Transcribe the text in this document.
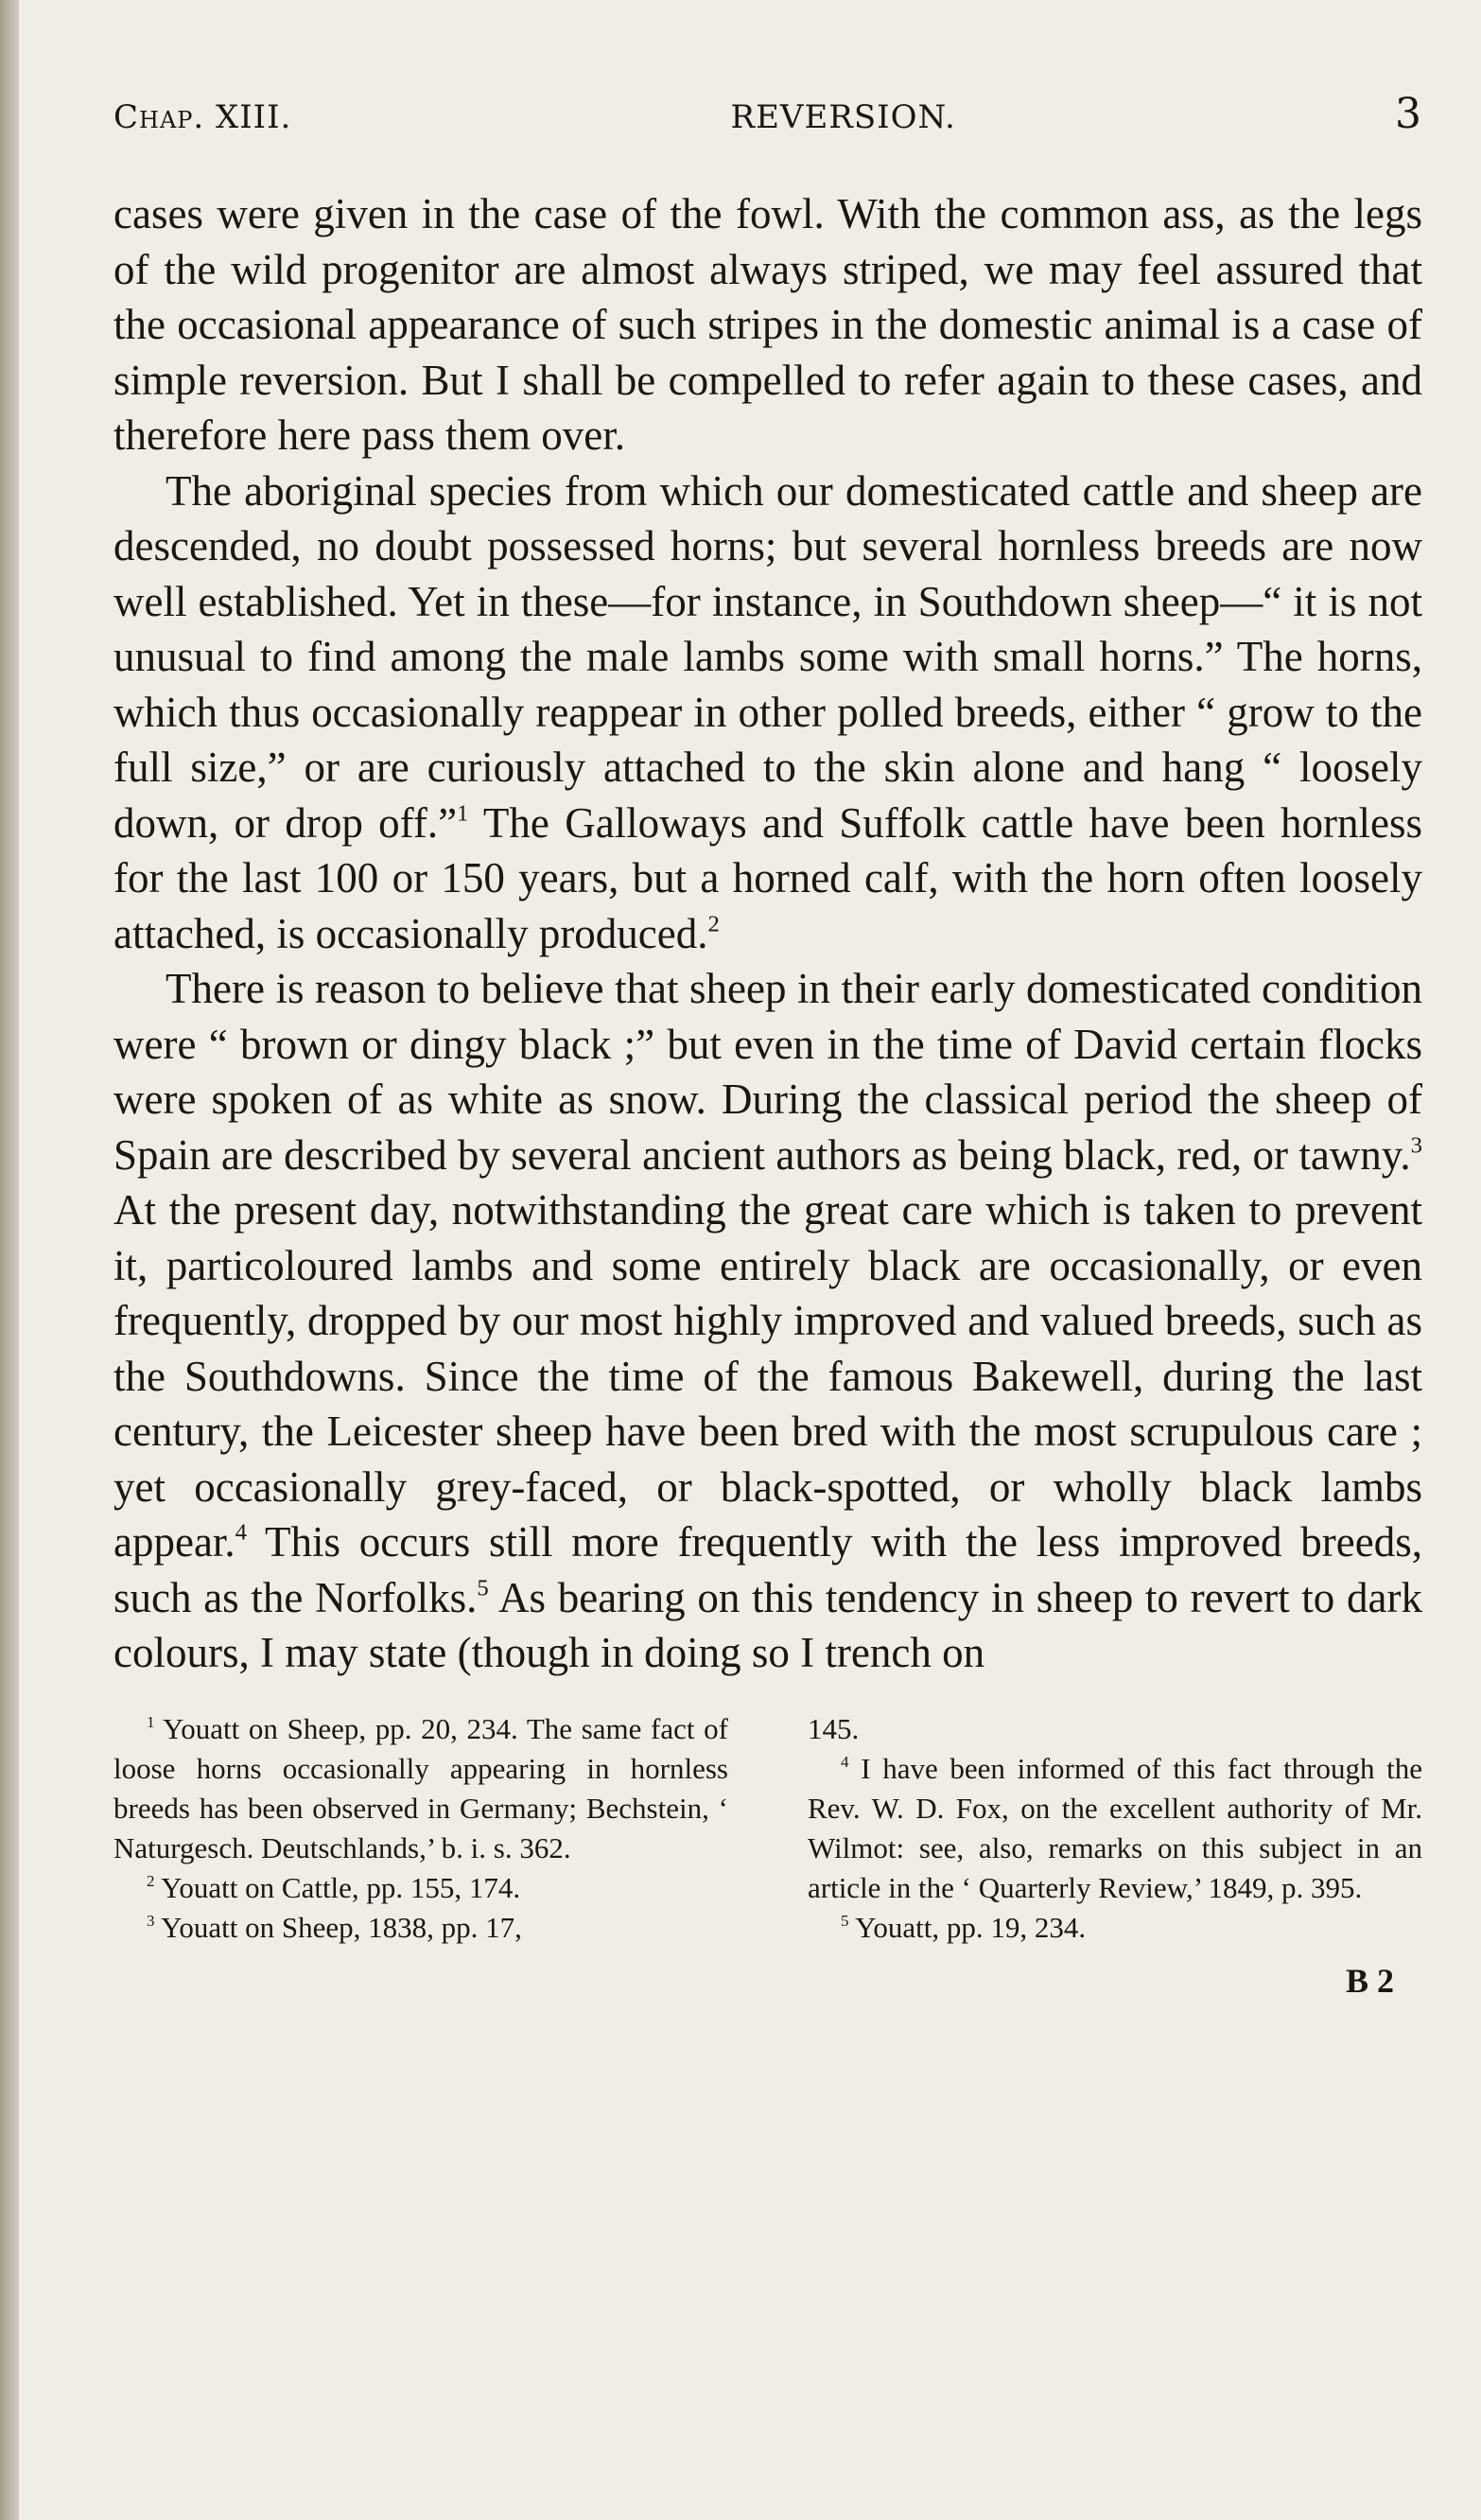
Chap. XIII.	REVERSION.	3

cases were given in the case of the fowl. With the common ass, as the legs of the wild progenitor are almost always striped, we may feel assured that the occasional appearance of such stripes in the domestic animal is a case of simple reversion. But I shall be compelled to refer again to these cases, and therefore here pass them over.

The aboriginal species from which our domesticated cattle and sheep are descended, no doubt possessed horns; but several hornless breeds are now well established. Yet in these—for instance, in Southdown sheep—“ it is not unusual to find among the male lambs some with small horns.” The horns, which thus occasionally reappear in other polled breeds, either “ grow to the full size,” or are curiously attached to the skin alone and hang “ loosely down, or drop off.”$^1$ The Galloways and Suffolk cattle have been hornless for the last 100 or 150 years, but a horned calf, with the horn often loosely attached, is occasionally produced.$^2$

There is reason to believe that sheep in their early domesticated condition were “ brown or dingy black ;” but even in the time of David certain flocks were spoken of as white as snow. During the classical period the sheep of Spain are described by several ancient authors as being black, red, or tawny.$^3$ At the present day, notwithstanding the great care which is taken to prevent it, particoloured lambs and some entirely black are occasionally, or even frequently, dropped by our most highly improved and valued breeds, such as the Southdowns. Since the time of the famous Bakewell, during the last century, the Leicester sheep have been bred with the most scrupulous care ; yet occasionally grey-faced, or black-spotted, or wholly black lambs appear.$^4$ This occurs still more frequently with the less improved breeds, such as the Norfolks.$^5$ As bearing on this tendency in sheep to revert to dark colours, I may state (though in doing so I trench on

$^1$ Youatt on Sheep, pp. 20, 234. The same fact of loose horns occasionally appearing in hornless breeds has been observed in Germany; Bechstein, ‘ Naturgesch. Deutschlands,’ b. i. s. 362.

$^2$ Youatt on Cattle, pp. 155, 174.

$^3$ Youatt on Sheep, 1838, pp. 17,

145.

$^4$ I have been informed of this fact through the Rev. W. D. Fox, on the excellent authority of Mr. Wilmot: see, also, remarks on this subject in an article in the ‘ Quarterly Review,’ 1849, p. 395.

$^5$ Youatt, pp. 19, 234.

B 2
